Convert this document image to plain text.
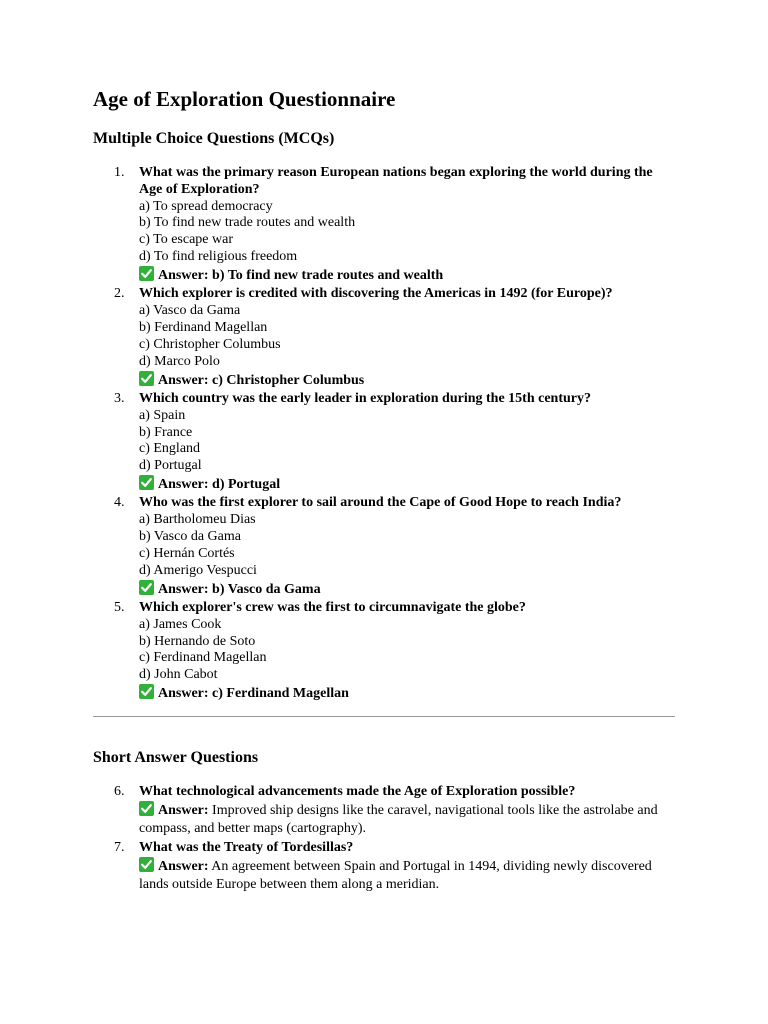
Age of Exploration Questionnaire
Multiple Choice Questions (MCQs)
1. What was the primary reason European nations began exploring the world during the Age of Exploration?
a) To spread democracy
b) To find new trade routes and wealth
c) To escape war
d) To find religious freedom
Answer: b) To find new trade routes and wealth
2. Which explorer is credited with discovering the Americas in 1492 (for Europe)?
a) Vasco da Gama
b) Ferdinand Magellan
c) Christopher Columbus
d) Marco Polo
Answer: c) Christopher Columbus
3. Which country was the early leader in exploration during the 15th century?
a) Spain
b) France
c) England
d) Portugal
Answer: d) Portugal
4. Who was the first explorer to sail around the Cape of Good Hope to reach India?
a) Bartholomeu Dias
b) Vasco da Gama
c) Hernán Cortés
d) Amerigo Vespucci
Answer: b) Vasco da Gama
5. Which explorer's crew was the first to circumnavigate the globe?
a) James Cook
b) Hernando de Soto
c) Ferdinand Magellan
d) John Cabot
Answer: c) Ferdinand Magellan
Short Answer Questions
6. What technological advancements made the Age of Exploration possible?
Answer: Improved ship designs like the caravel, navigational tools like the astrolabe and compass, and better maps (cartography).
7. What was the Treaty of Tordesillas?
Answer: An agreement between Spain and Portugal in 1494, dividing newly discovered lands outside Europe between them along a meridian.
